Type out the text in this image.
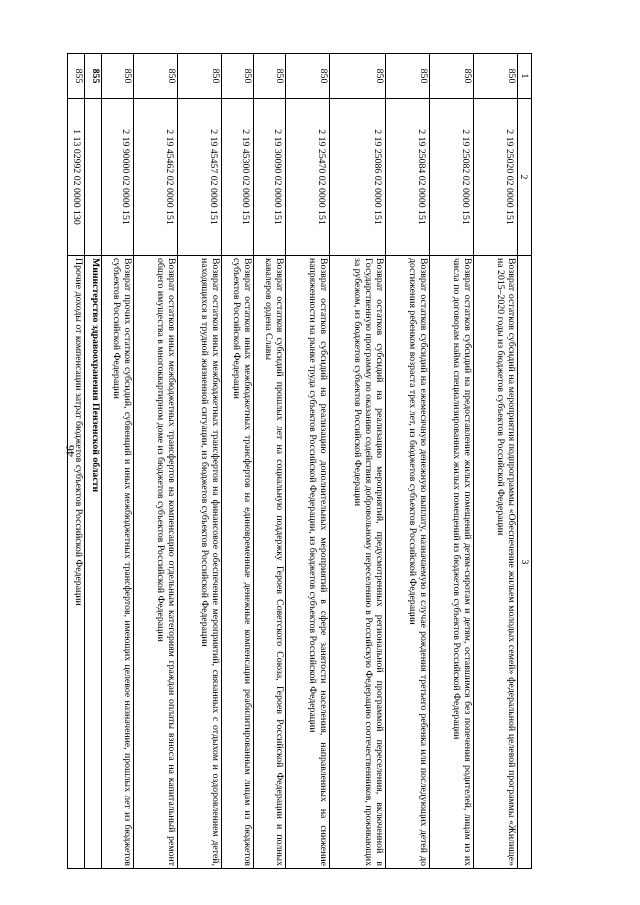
46
1	2	3
850	2 19 25020 02 0000 151	Возврат остатков субсидий на мероприятия подпрограммы «Обеспечение жильем молодых семей» федеральной целевой программы «Жилище» на 2015–2020 годы из бюджетов субъектов Российской Федерации
850	2 19 25082 02 0000 151	Возврат остатков субсидий на предоставление жилых помещений детям-сиротам и детям, оставшимся без попечения родителей, лицам из их числа по договорам найма специализированных жилых помещений из бюджетов субъектов Российской Федерации
850	2 19 25084 02 0000 151	Возврат остатков субсидий на ежемесячную денежную выплату, назначаемую в случае рождения третьего ребенка или последующих детей до достижения ребенком возраста трех лет, из бюджетов субъектов Российской Федерации
850	2 19 25086 02 0000 151	Возврат остатков субсидий на реализацию мероприятий, предусмотренных региональной программой переселения, включенной в Государственную программу по оказанию содействия добровольному переселению в Российскую Федерацию соотечественников, проживающих за рубежом, из бюджетов субъектов Российской Федерации
850	2 19 25470 02 0000 151	Возврат остатков субсидий на реализацию дополнительных мероприятий в сфере занятости населения, направленных на снижение напряженности на рынке труда субъектов Российской Федерации, из бюджетов субъектов Российской Федерации
850	2 19 30090 02 0000 151	Возврат остатков субсидий прошлых лет на социальную поддержку Героев Советского Союза, Героев Российской Федерации и полных кавалеров ордена Славы
850	2 19 45300 02 0000 151	Возврат остатков иных межбюджетных трансфертов на единовременные денежные компенсации реабилитированным лицам из бюджетов субъектов Российской Федерации
850	2 19 45457 02 0000 151	Возврат остатков иных межбюджетных трансфертов на финансовое обеспечение мероприятий, связанных с отдыхом и оздоровлением детей, находящихся в трудной жизненной ситуации, из бюджетов субъектов Российской Федерации
850	2 19 45462 02 0000 151	Возврат остатков иных межбюджетных трансфертов на компенсацию отдельным категориям граждан оплаты взноса на капитальный ремонт общего имущества в многоквартирном доме из бюджетов субъектов Российской Федерации
850	2 19 90000 02 0000 151	Возврат прочих остатков субсидий, субвенций и иных межбюджетных трансфертов, имеющих целевое назначение, прошлых лет из бюджетов субъектов Российской Федерации
855		Министерство здравоохранения Пензенской области
855	1 13 02992 02 0000 130	Прочие доходы от компенсации затрат бюджетов субъектов Российской Федерации
